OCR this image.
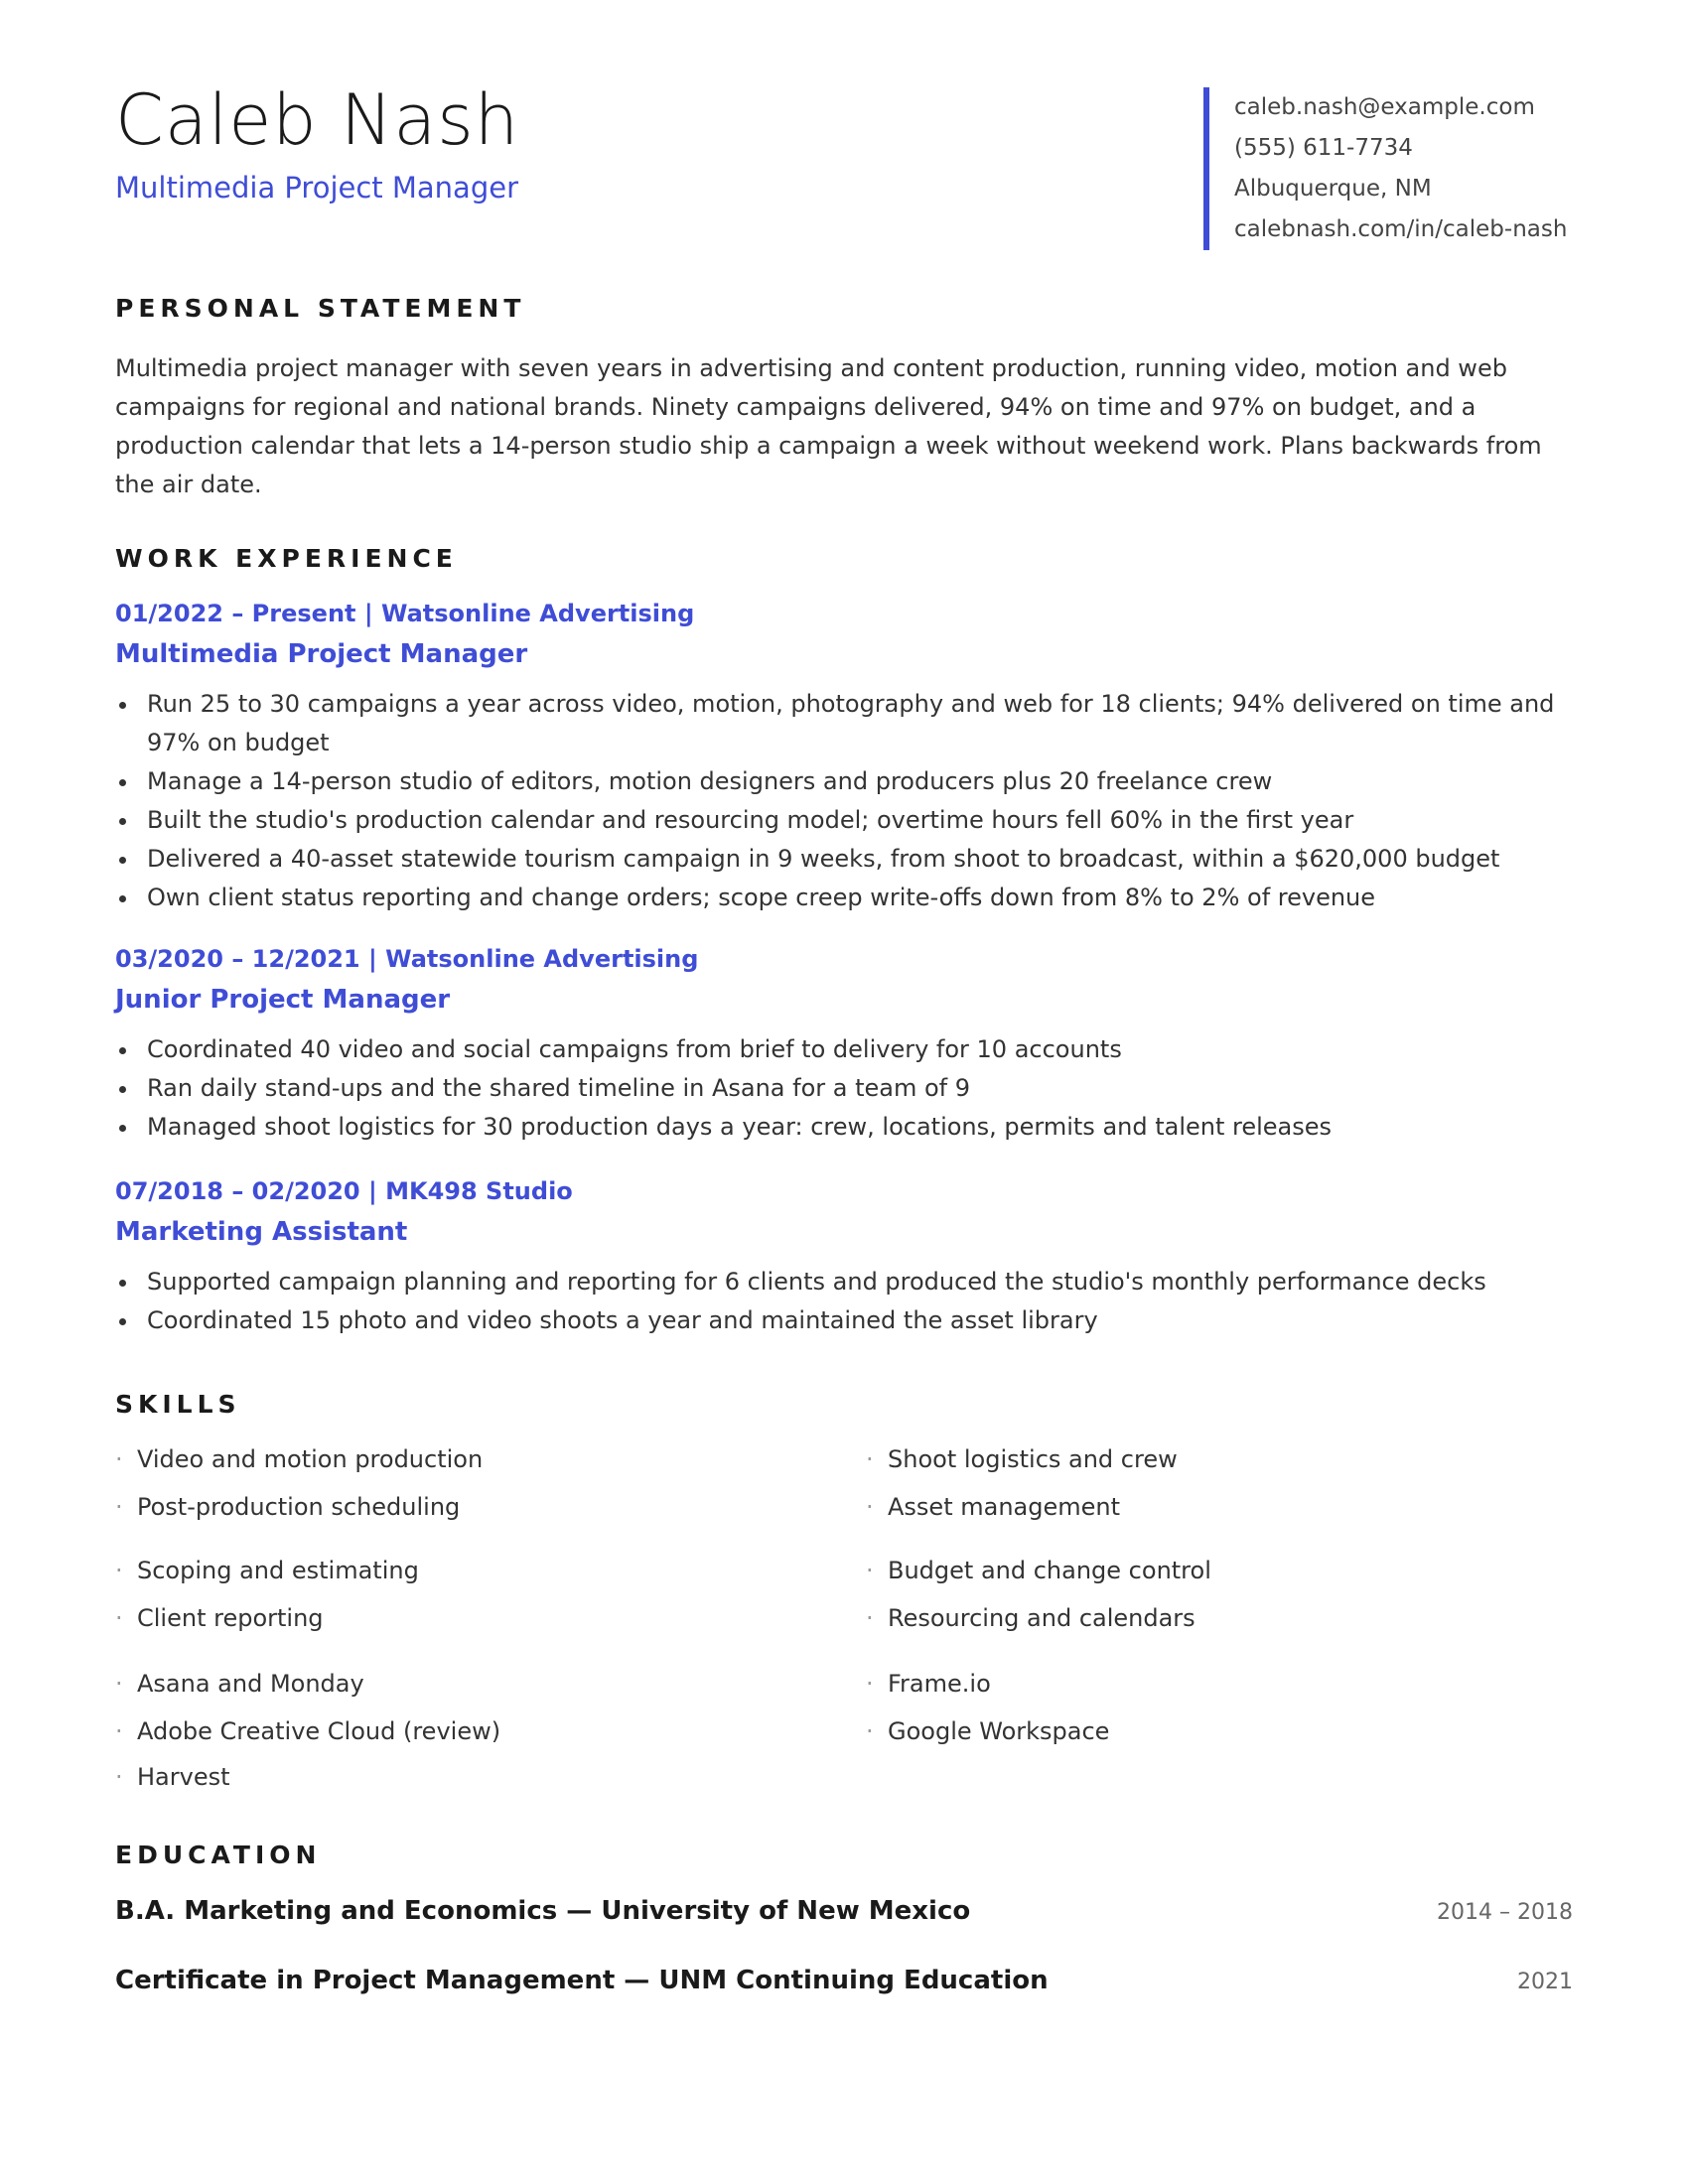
Caleb Nash
Multimedia Project Manager
caleb.nash@example.com
(555) 611-7734
Albuquerque, NM
calebnash.com/in/caleb-nash
PERSONAL STATEMENT

Multimedia project manager with seven years in advertising and content production, running video, motion and web campaigns for regional and national brands. Ninety campaigns delivered, 94% on time and 97% on budget, and a production calendar that lets a 14-person studio ship a campaign a week without weekend work. Plans backwards from the air date.

WORK EXPERIENCE
01/2022 – Present | Watsonline Advertising
Multimedia Project Manager
Run 25 to 30 campaigns a year across video, motion, photography and web for 18 clients; 94% delivered on time and 97% on budget
Manage a 14-person studio of editors, motion designers and producers plus 20 freelance crew
Built the studio's production calendar and resourcing model; overtime hours fell 60% in the first year
Delivered a 40-asset statewide tourism campaign in 9 weeks, from shoot to broadcast, within a $620,000 budget
Own client status reporting and change orders; scope creep write-offs down from 8% to 2% of revenue
03/2020 – 12/2021 | Watsonline Advertising
Junior Project Manager
Coordinated 40 video and social campaigns from brief to delivery for 10 accounts
Ran daily stand-ups and the shared timeline in Asana for a team of 9
Managed shoot logistics for 30 production days a year: crew, locations, permits and talent releases
07/2018 – 02/2020 | MK498 Studio
Marketing Assistant
Supported campaign planning and reporting for 6 clients and produced the studio's monthly performance decks
Coordinated 15 photo and video shoots a year and maintained the asset library
SKILLS
· Video and motion production
· Post-production scheduling
· Scoping and estimating
· Client reporting
· Asana and Monday
· Adobe Creative Cloud (review)
· Harvest
· Shoot logistics and crew
· Asset management
· Budget and change control
· Resourcing and calendars
· Frame.io
· Google Workspace
EDUCATION
B.A. Marketing and Economics — University of New Mexico	2014 – 2018
Certificate in Project Management — UNM Continuing Education	2021
